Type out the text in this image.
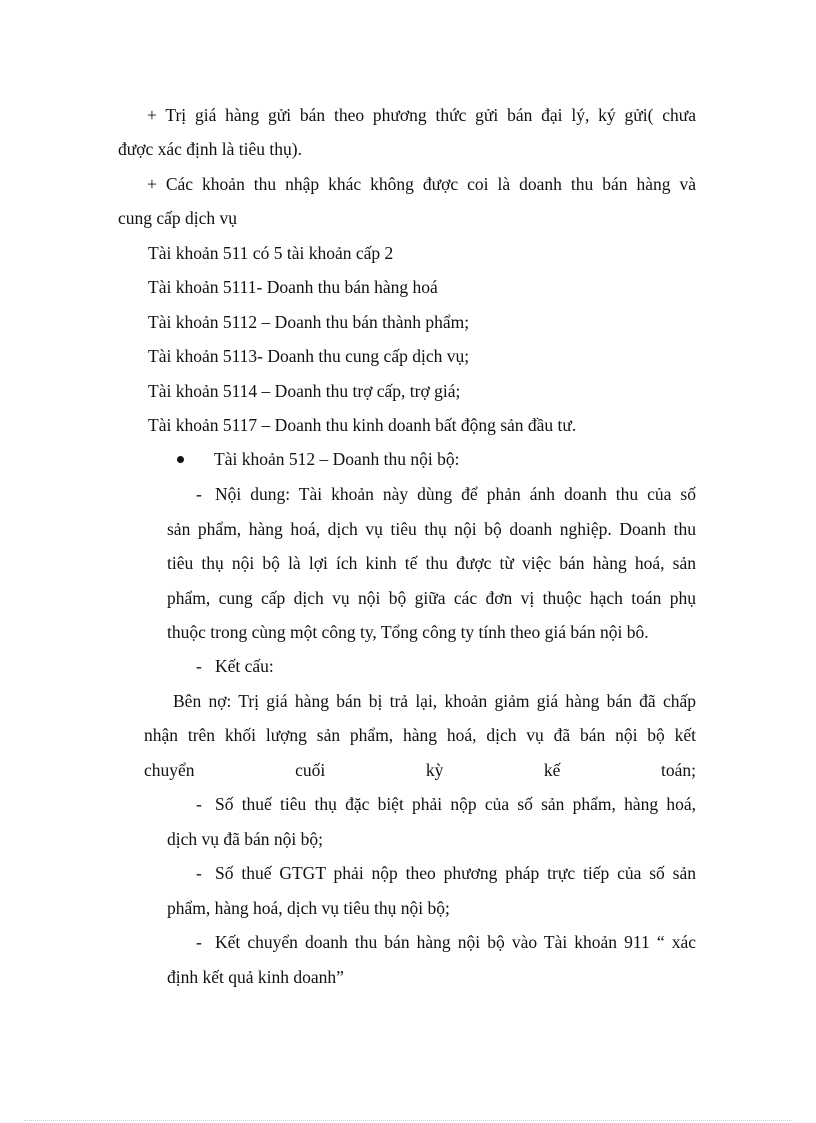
+ Trị giá hàng gửi bán theo phương thức gửi bán đại lý, ký gửi( chưa
được xác định là tiêu thụ).
+ Các khoản thu nhập khác không được coi là doanh thu bán hàng và
cung cấp dịch vụ
Tài khoản 511 có 5 tài khoản cấp 2
Tài khoản 5111- Doanh thu bán hàng hoá
Tài khoản 5112 – Doanh thu bán thành phẩm;
Tài khoản 5113- Doanh thu cung cấp dịch vụ;
Tài khoản 5114 – Doanh thu trợ cấp, trợ giá;
Tài khoản 5117 – Doanh thu kinh doanh bất động sản đầu tư.
Tài khoản 512 – Doanh thu nội bộ:
- Nội dung: Tài khoản này dùng để phản ánh doanh thu của số
sản phẩm, hàng hoá, dịch vụ tiêu thụ nội bộ doanh nghiệp. Doanh thu
tiêu thụ nội bộ là lợi ích kinh tế thu được từ việc bán hàng hoá, sản
phẩm, cung cấp dịch vụ nội bộ giữa các đơn vị thuộc hạch toán phụ
thuộc trong cùng một công ty, Tổng công ty tính theo giá bán nội bô.
- Kết cấu:
Bên nợ: Trị giá hàng bán bị trả lại, khoản giảm giá hàng bán đã chấp
nhận trên khối lượng sản phẩm, hàng hoá, dịch vụ đã bán nội bộ kết
chuyển cuối kỳ kế toán;
- Số thuế tiêu thụ đặc biệt phải nộp của số sản phẩm, hàng hoá,
dịch vụ đã bán nội bộ;
- Số thuế GTGT phải nộp theo phương pháp trực tiếp của số sản
phẩm, hàng hoá, dịch vụ tiêu thụ nội bộ;
- Kết chuyển doanh thu bán hàng nội bộ vào Tài khoản 911 “ xác
định kết quả kinh doanh”
